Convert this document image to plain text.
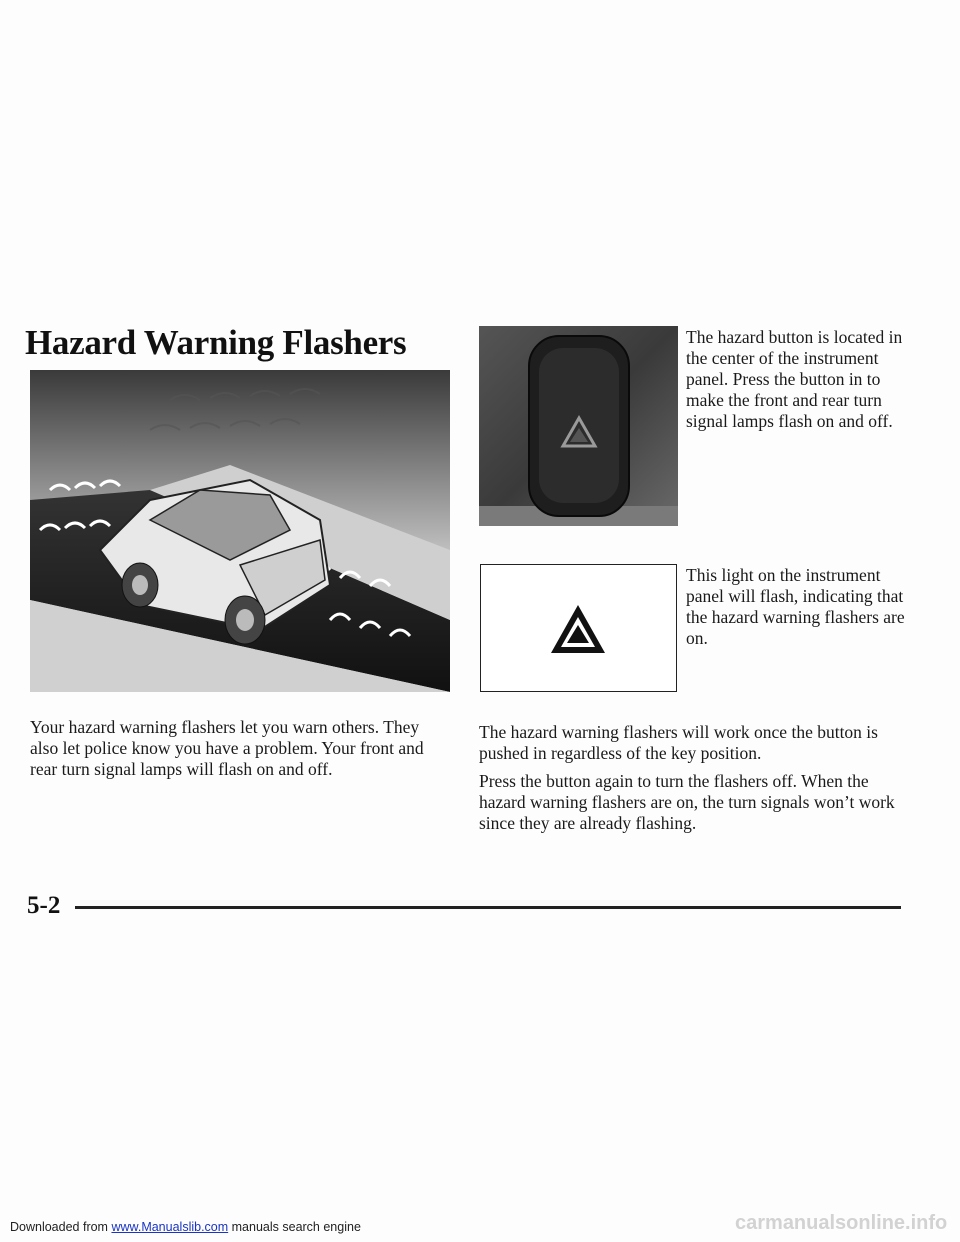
Hazard Warning Flashers	The hazard button is located in the center of the instrument panel. Press the button in to make the front and rear turn signal lamps flash on and off.
This light on the instrument panel will flash, indicating that the hazard warning flashers are on.
Your hazard warning flashers let you warn others. They also let police know you have a problem. Your front and rear turn signal lamps will flash on and off.
The hazard warning flashers will work once the button is pushed in regardless of the key position.
Press the button again to turn the flashers off. When the hazard warning flashers are on, the turn signals won’t work since they are already flashing.
5-2
Downloaded from www.Manualslib.com manuals search engine	carmanualsonline.info
